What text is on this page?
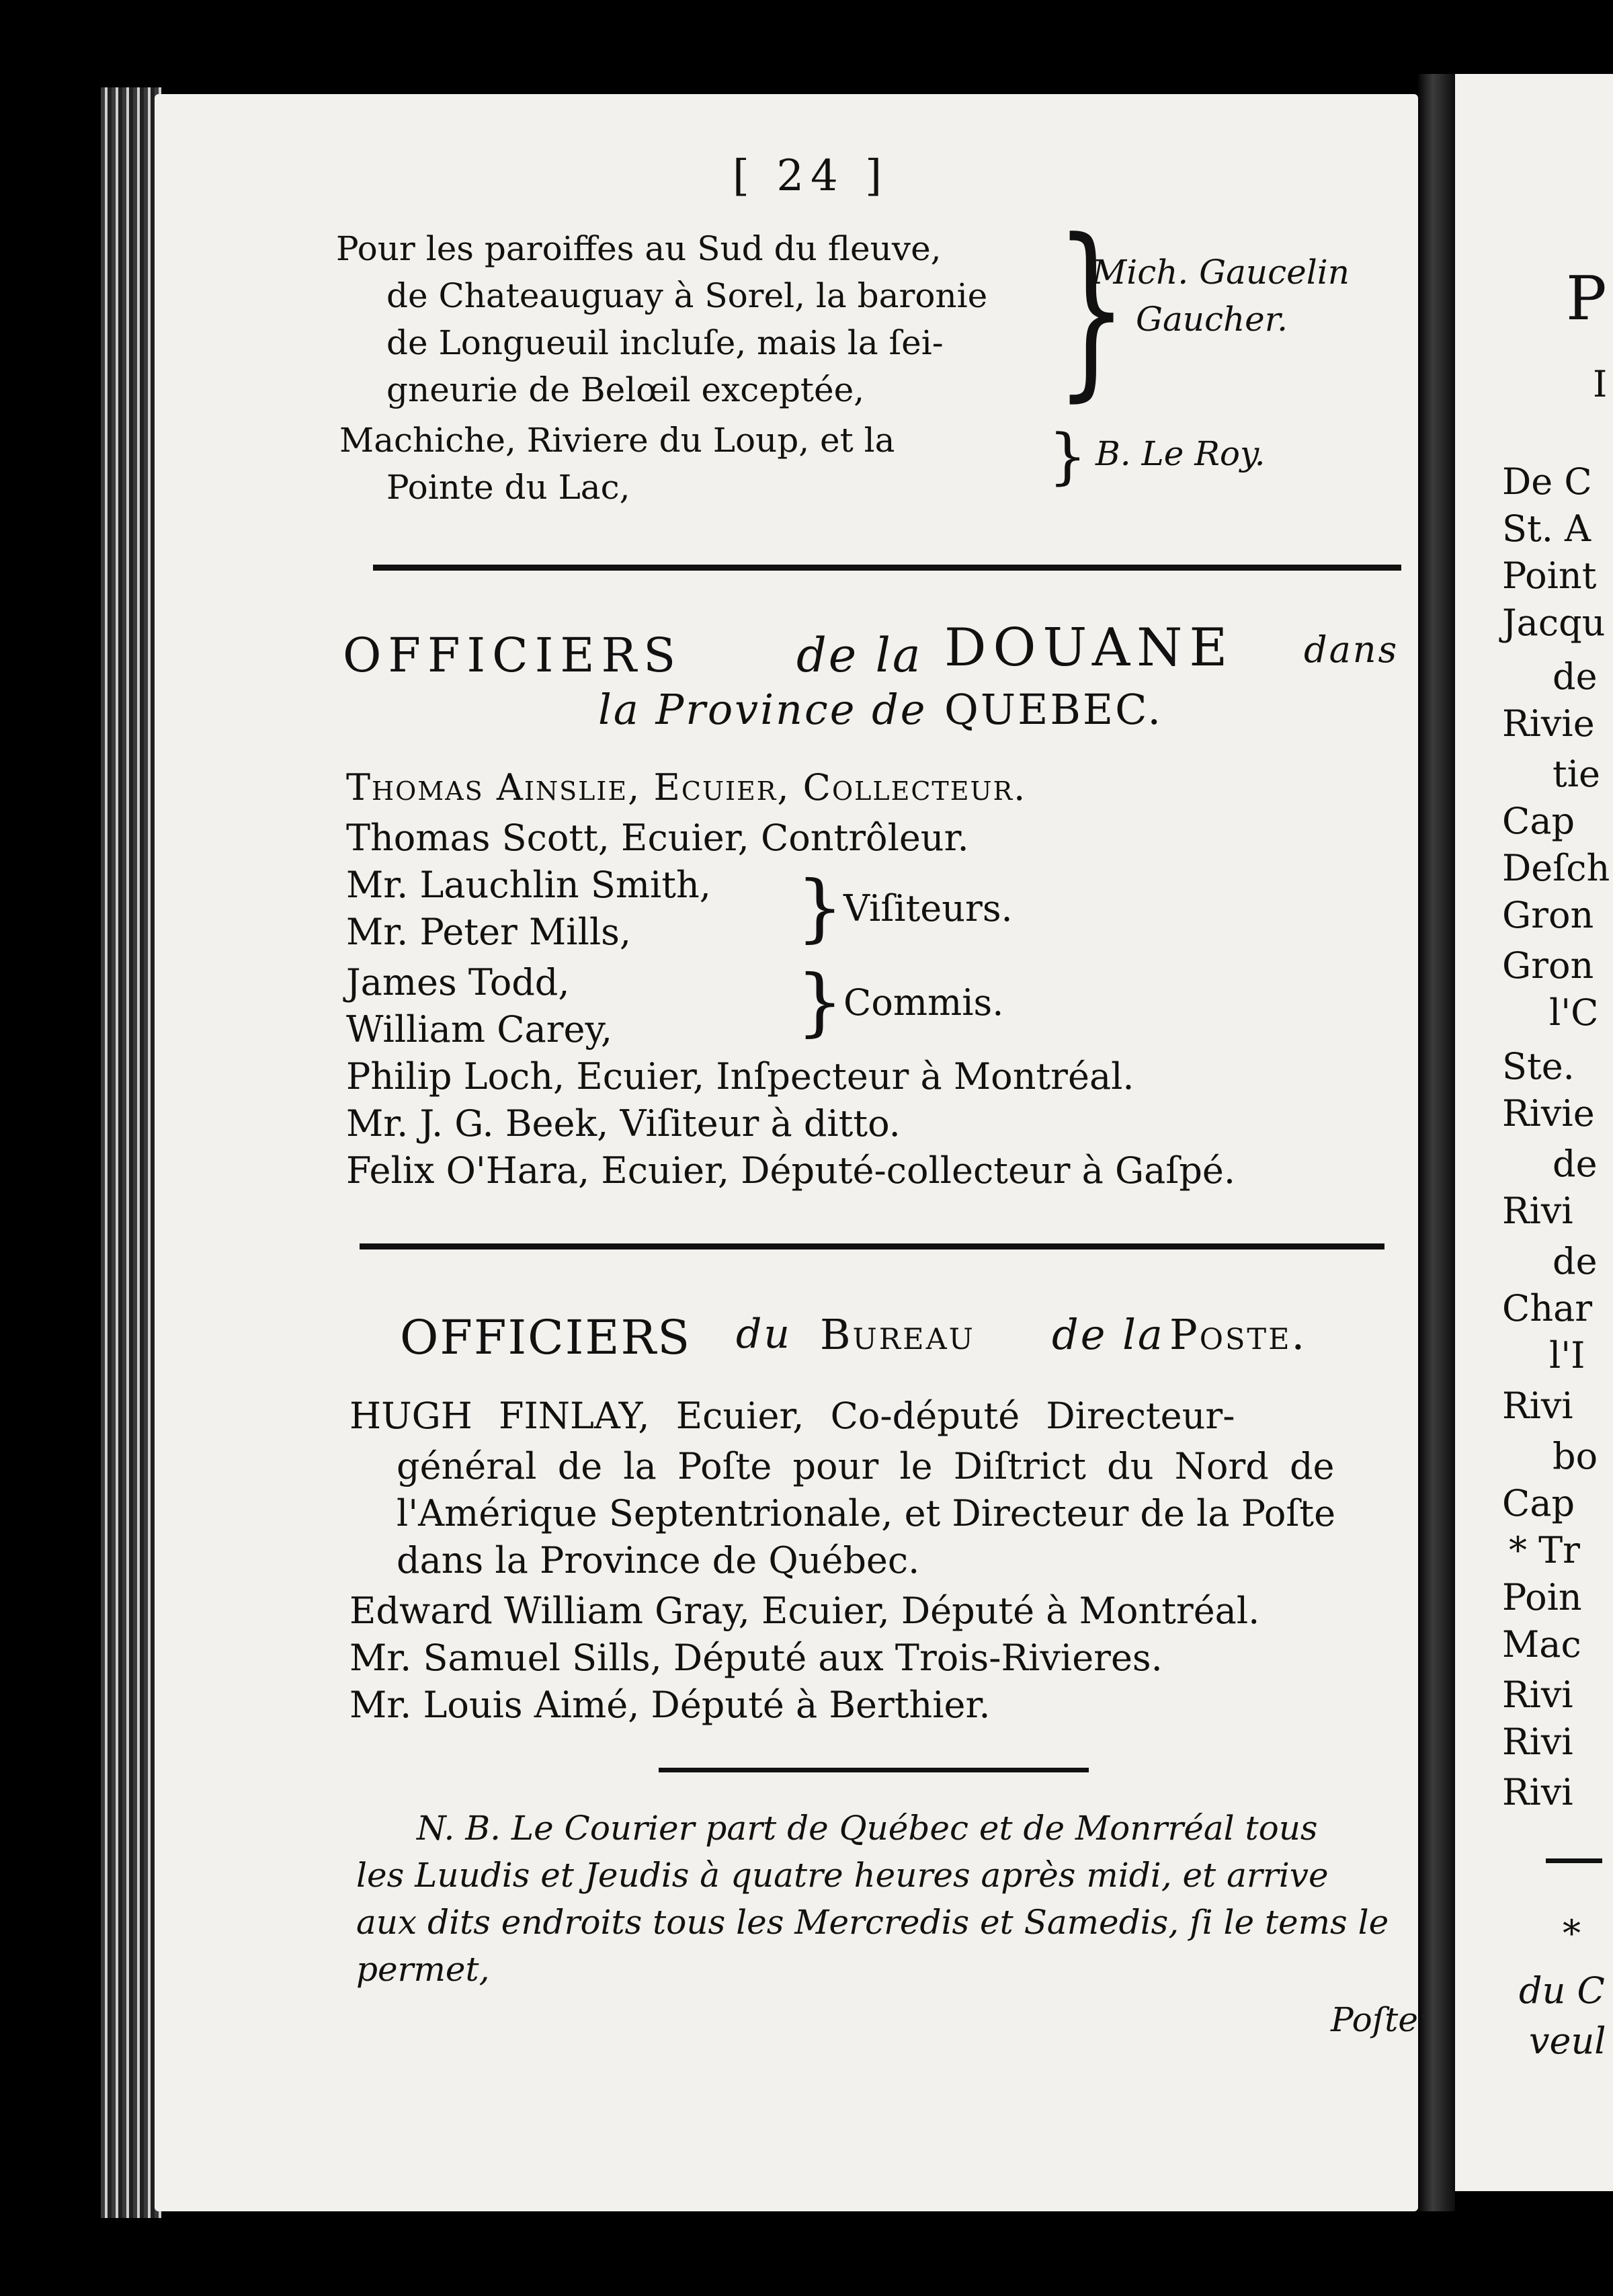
[ 24 ]
Pour les paroiffes au Sud du fleuve,
de Chateauguay à Sorel, la baronie
de Longueuil incluſe, mais la ſei-
gneurie de Belœil exceptée, }
Mich. Gaucelin
Gaucher.
Machiche, Riviere du Loup, et la
Pointe du Lac,	} B. Le Roy.
OFFICIERS de la DOUANE dans
la Province de QUEBEC.
Thomas Ainslie, Ecuier, Collecteur.
Thomas Scott, Ecuier, Contrôleur.
Mr. Lauchlin Smith,
Mr. Peter Mills, } Viſiteurs.
James Todd,
William Carey, } Commis.
Philip Loch, Ecuier, Inſpecteur à Montréal.
Mr. J. G. Beek, Viſiteur à ditto.
Felix O'Hara, Ecuier, Député-collecteur à Gaſpé.
OFFICIERS du Bureau de la Poste.
HUGH FINLAY, Ecuier, Co-député Directeur-
général de la Poſte pour le Diſtrict du Nord de
l'Amérique Septentrionale, et Directeur de la Poſte
dans la Province de Québec.
Edward William Gray, Ecuier, Député à Montréal.
Mr. Samuel Sills, Député aux Trois-Rivieres.
Mr. Louis Aimé, Député à Berthier.
N. B. Le Courier part de Québec et de Monrréal tous
les Luudis et Jeudis à quatre heures après midi, et arrive
aux dits endroits tous les Mercredis et Samedis, ſi le tems le
permet,
Poſte
P
I
De C
St. A
Point
Jacqu
de
Rivie
tie
Cap
Deſch
Gron
Gron
l'C
Ste.
Rivie
de
Rivi
de
Char
l'I
Rivi
bo
Cap
* Tr
Poin
Mac
Rivi
Rivi
Rivi
*
du C
veul
